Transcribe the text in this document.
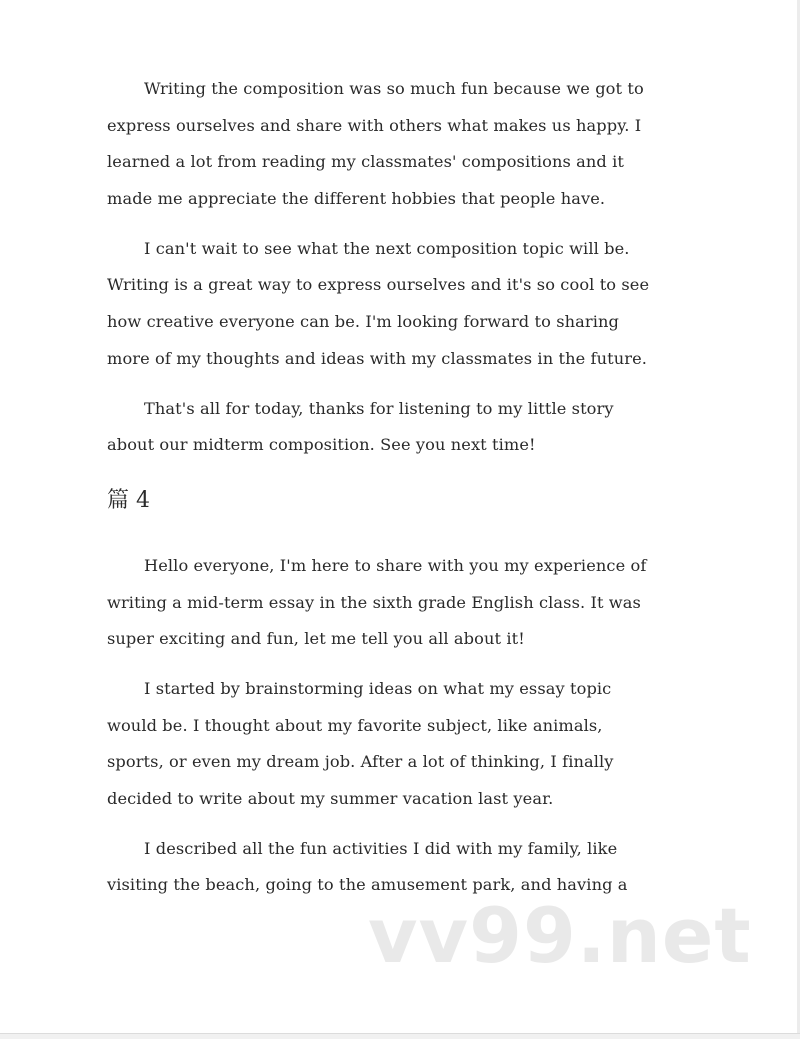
Writing the composition was so much fun because we got to
express ourselves and share with others what makes us happy. I
learned a lot from reading my classmates' compositions and it
made me appreciate the different hobbies that people have.
I can't wait to see what the next composition topic will be.
Writing is a great way to express ourselves and it's so cool to see
how creative everyone can be. I'm looking forward to sharing
more of my thoughts and ideas with my classmates in the future.
That's all for today, thanks for listening to my little story
about our midterm composition. See you next time!
篇 4
Hello everyone, I'm here to share with you my experience of
writing a mid-term essay in the sixth grade English class. It was
super exciting and fun, let me tell you all about it!
I started by brainstorming ideas on what my essay topic
would be. I thought about my favorite subject, like animals,
sports, or even my dream job. After a lot of thinking, I finally
decided to write about my summer vacation last year.
I described all the fun activities I did with my family, like
visiting the beach, going to the amusement park, and having a
vv99.net
